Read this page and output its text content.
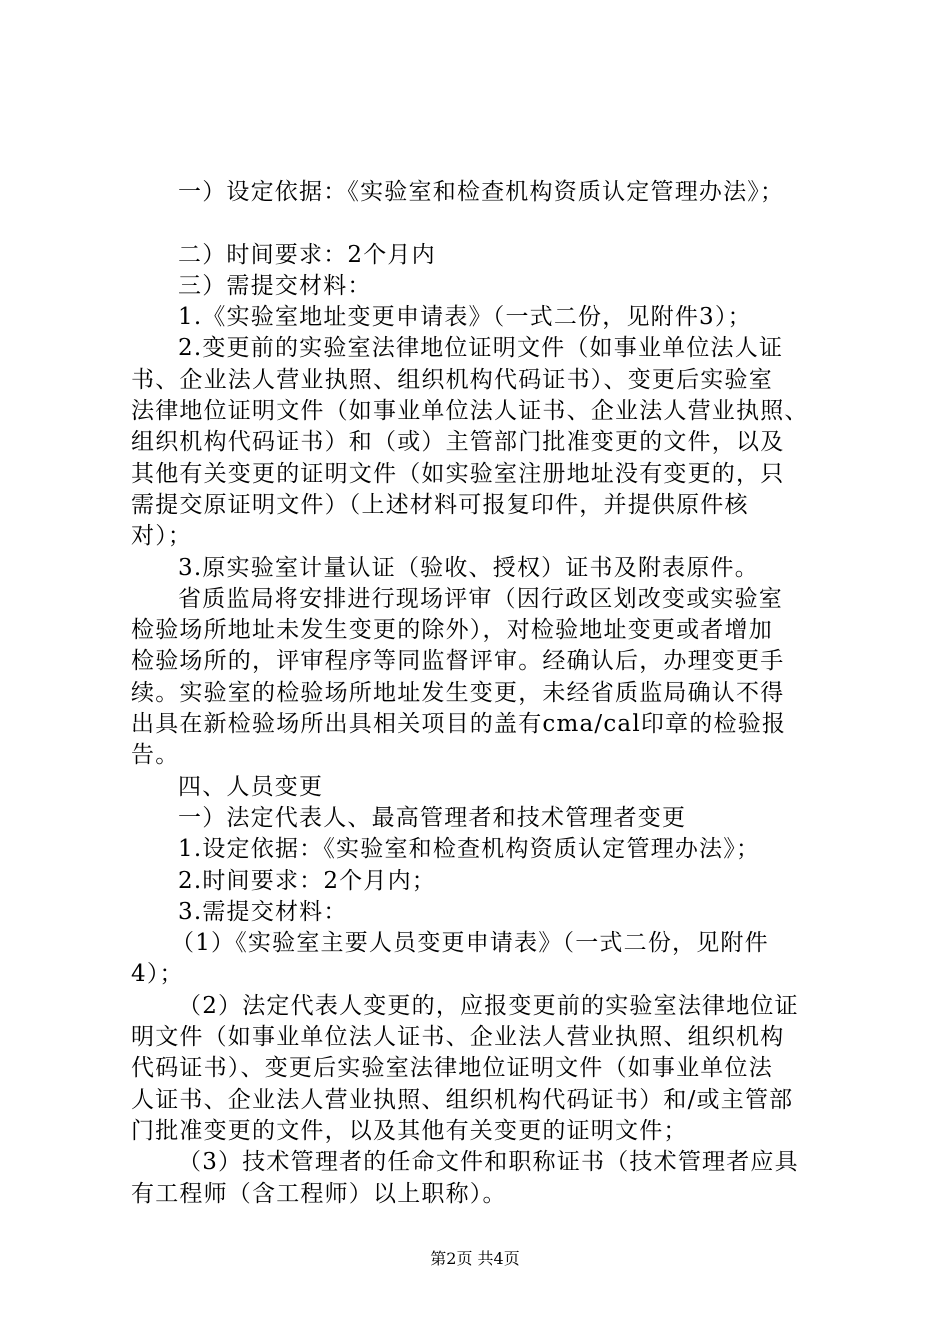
一）设定依据：《实验室和检查机构资质认定管理办法》；
二）时间要求：2个月内
三）需提交材料：
1.《实验室地址变更申请表》（一式二份，见附件3）；
2.变更前的实验室法律地位证明文件（如事业单位法人证
书、企业法人营业执照、组织机构代码证书）、变更后实验室
法律地位证明文件（如事业单位法人证书、企业法人营业执照、
组织机构代码证书）和（或）主管部门批准变更的文件，以及
其他有关变更的证明文件（如实验室注册地址没有变更的，只
需提交原证明文件）（上述材料可报复印件，并提供原件核
对）；
3.原实验室计量认证（验收、授权）证书及附表原件。
省质监局将安排进行现场评审（因行政区划改变或实验室
检验场所地址未发生变更的除外），对检验地址变更或者增加
检验场所的，评审程序等同监督评审。经确认后，办理变更手
续。实验室的检验场所地址发生变更，未经省质监局确认不得
出具在新检验场所出具相关项目的盖有cma/cal印章的检验报
告。
四、人员变更
一）法定代表人、最高管理者和技术管理者变更
1.设定依据：《实验室和检查机构资质认定管理办法》；
2.时间要求：2个月内；
3.需提交材料：
（1）《实验室主要人员变更申请表》（一式二份，见附件
4）；
（2）法定代表人变更的，应报变更前的实验室法律地位证
明文件（如事业单位法人证书、企业法人营业执照、组织机构
代码证书）、变更后实验室法律地位证明文件（如事业单位法
人证书、企业法人营业执照、组织机构代码证书）和/或主管部
门批准变更的文件，以及其他有关变更的证明文件；
（3）技术管理者的任命文件和职称证书（技术管理者应具
有工程师（含工程师）以上职称）。
第2页 共4页
